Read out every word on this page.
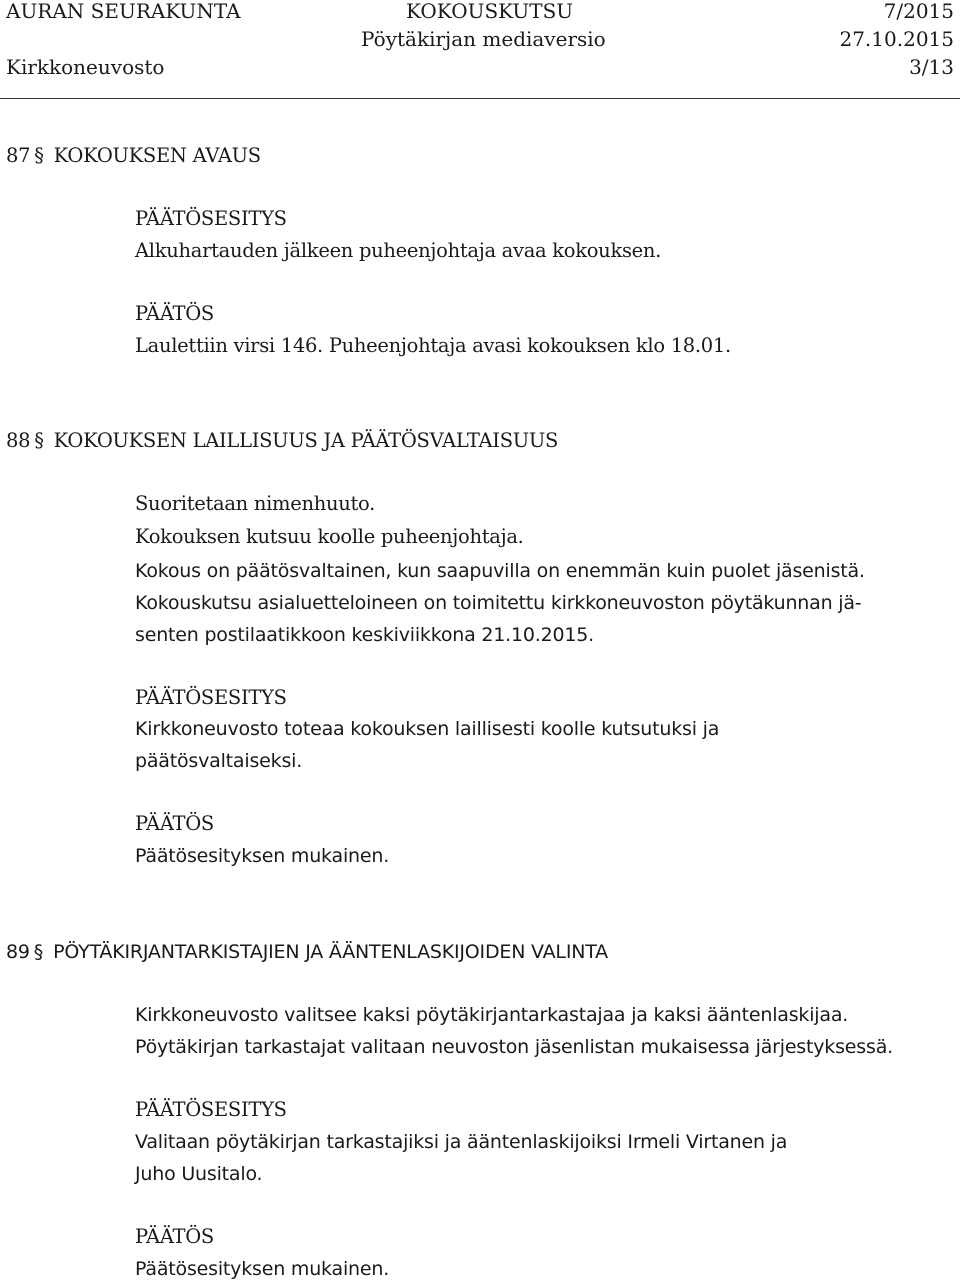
AURAN SEURAKUNTA	KOKOUSKUTSU	7/2015
Pöytäkirjan mediaversio	27.10.2015
Kirkkoneuvosto	3/13
87 § KOKOUKSEN AVAUS
PÄÄTÖSESITYS
Alkuhartauden jälkeen puheenjohtaja avaa kokouksen.
PÄÄTÖS
Laulettiin virsi 146. Puheenjohtaja avasi kokouksen klo 18.01.
88 § KOKOUKSEN LAILLISUUS JA PÄÄTÖSVALTAISUUS
Suoritetaan nimenhuuto.
Kokouksen kutsuu koolle puheenjohtaja.
Kokous on päätösvaltainen, kun saapuvilla on enemmän kuin puolet jäsenistä.
Kokouskutsu asialuetteloineen on toimitettu kirkkoneuvoston pöytäkunnan jä-
senten postilaatikkoon keskiviikkona 21.10.2015.
PÄÄTÖSESITYS
Kirkkoneuvosto toteaa kokouksen laillisesti koolle kutsutuksi ja
päätösvaltaiseksi.
PÄÄTÖS
Päätösesityksen mukainen.
89 § PÖYTÄKIRJANTARKISTAJIEN JA ÄÄNTENLASKIJOIDEN VALINTA
Kirkkoneuvosto valitsee kaksi pöytäkirjantarkastajaa ja kaksi ääntenlaskijaa.
Pöytäkirjan tarkastajat valitaan neuvoston jäsenlistan mukaisessa järjestyksessä.
PÄÄTÖSESITYS
Valitaan pöytäkirjan tarkastajiksi ja ääntenlaskijoiksi Irmeli Virtanen ja
Juho Uusitalo.
PÄÄTÖS
Päätösesityksen mukainen.
